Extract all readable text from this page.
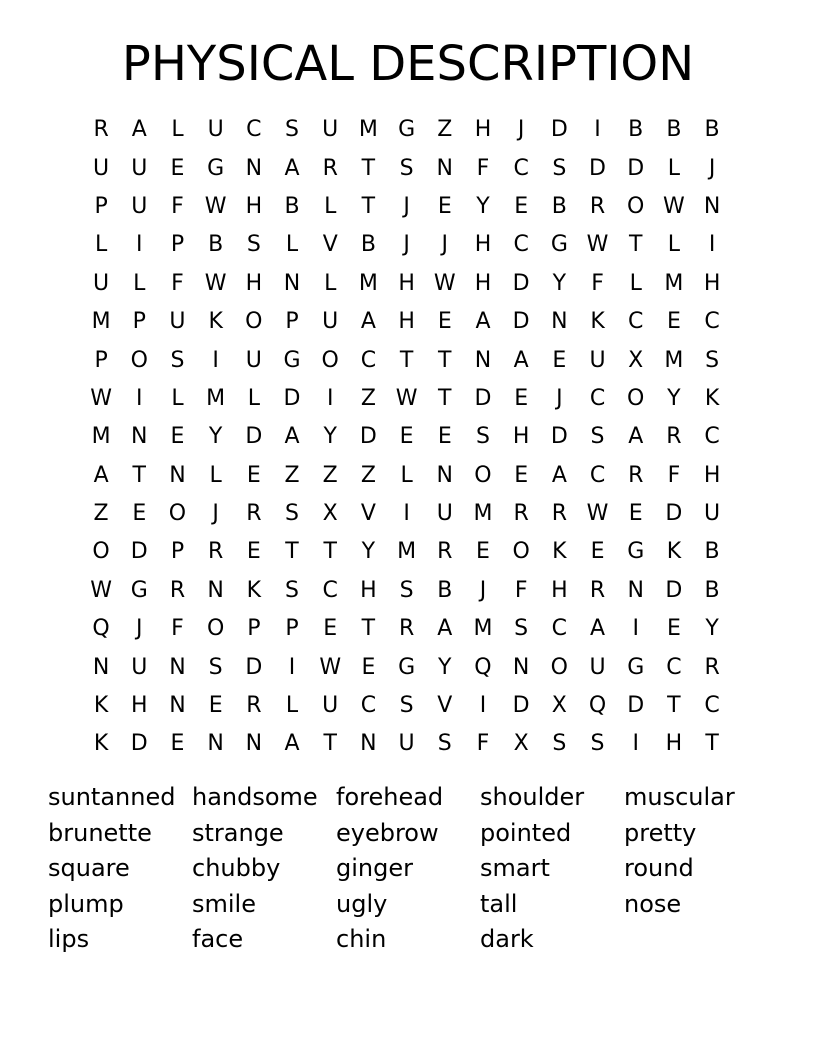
PHYSICAL DESCRIPTION
R	A	L	U	C	S	U M G	Z	H	J	D	I	B	B	B
U	U	E	G N	A	R	T	S	N	F	C	S	D D	L	J
P	U	F W H	B	L	T	J	E	Y	E	B	R O W N
L	I	P	B	S	L	V	B	J	J	H	C G W T	L	I
U	L	F W H N	L	M H W H D	Y	F	L	M H
M	P	U	K	O	P	U	A	H	E	A	D N	K	C	E	C
P	O	S	I	U G O C	T	T	N	A	E	U	X M S
W	I	L	M	L	D	I	Z W T	D	E	J	C O	Y	K
M N	E	Y	D	A	Y	D	E	E	S	H D	S	A	R	C
A	T	N	L	E	Z	Z	Z	L	N O	E	A	C	R	F	H
Z	E	O	J	R	S	X	V	I	U M R	R W E	D U
O D	P	R	E	T	T	Y M R	E	O	K	E	G	K	B
W G	R	N	K	S	C	H	S	B	J	F	H	R	N D	B
Q	J	F	O	P	P	E	T	R	A M S	C	A	I	E	Y
N U N	S	D	I	W E	G	Y	Q N O U G C	R
K	H N	E	R	L	U	C	S	V	I	D	X Q D	T	C
K	D	E	N N	A	T	N U	S	F	X	S	S	I	H	T
suntanned handsome forehead	shoulder	muscular
brunette	strange	eyebrow	pointed	pretty
square	chubby	ginger	smart	round
plump	smile	ugly	tall	nose
lips	face	chin	dark
